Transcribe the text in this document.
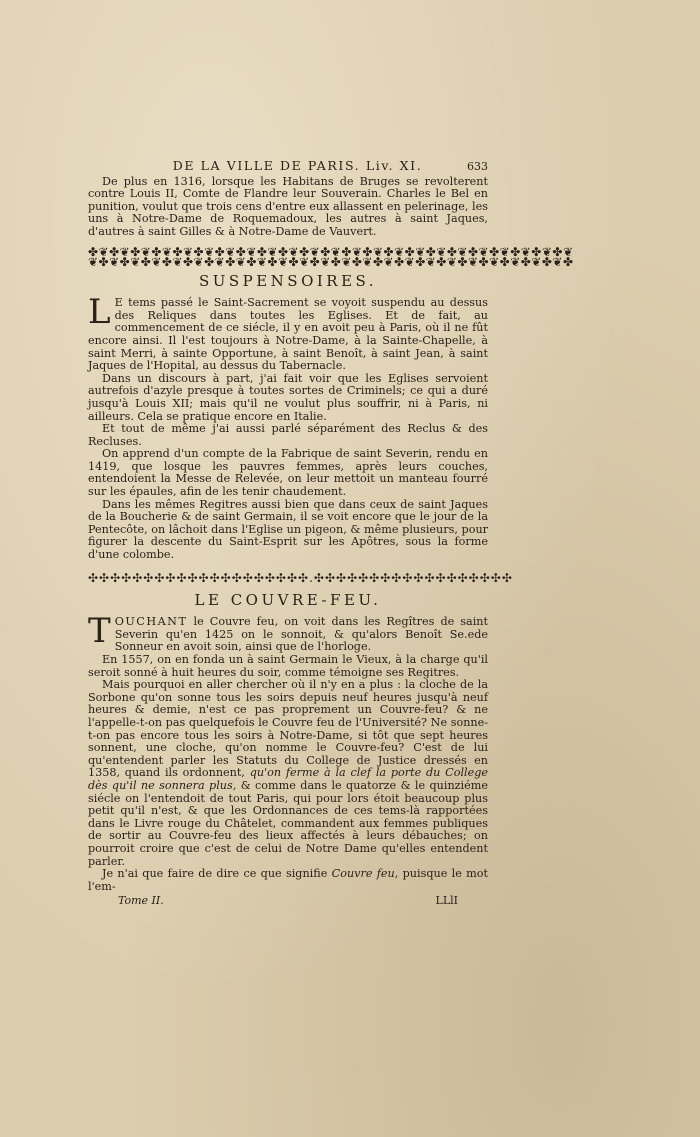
DE LA VILLE DE PARIS. Liv. XI.	633

De plus en 1316, lorsque les Habitans de Bruges se revolterent contre Louis II, Comte de Flandre leur Souverain. Charles le Bel en punition, voulut que trois cens d'entre eux allassent en pelerinage, les uns à Notre-Dame de Roquemadoux, les autres à saint Jaques, d'autres à saint Gilles & à Notre-Dame de Vauvert.

✤❦✤❦✤❦✤❦✤❦✤❦✤❦✤❦✤❦✤❦✤❦✤❦✤❦✤❦✤❦✤❦✤❦✤❦✤❦✤❦✤❦✤❦✤❦
❦✤❦✤❦✤❦✤❦✤❦✤❦✤❦✤❦✤❦✤❦✤❦✤❦✤❦✤❦✤❦✤❦✤❦✤❦✤❦✤❦✤❦✤❦✤
SUSPENSOIRES.

L E tems passé le Saint-Sacrement se voyoit suspendu au dessus des Reliques dans toutes les Eglises. Et de fait, au commencement de ce siécle, il y en avoit peu à Paris, où il ne fût encore ainsi. Il l'est toujours à Notre-Dame, à la Sainte-Chapelle, à saint Merri, à sainte Opportune, à saint Benoît, à saint Jean, à saint Jaques de l'Hopital, au dessus du Tabernacle.

Dans un discours à part, j'ai fait voir que les Eglises servoient autrefois d'azyle presque à toutes sortes de Criminels; ce qui a duré jusqu'à Louis XII; mais qu'il ne voulut plus souffrir, ni à Paris, ni ailleurs. Cela se pratique encore en Italie.

Et tout de même j'ai aussi parlé séparément des Reclus & des Recluses.

On apprend d'un compte de la Fabrique de saint Severin, rendu en 1419, que losque les pauvres femmes, après leurs couches, entendoient la Messe de Relevée, on leur mettoit un manteau fourré sur les épaules, afin de les tenir chaudement.

Dans les mêmes Regitres aussi bien que dans ceux de saint Jaques de la Boucherie & de saint Germain, il se voit encore que le jour de la Pentecôte, on lâchoit dans l'Eglise un pigeon, & même plusieurs, pour figurer la descente du Saint-Esprit sur les Apôtres, sous la forme d'une colombe.

✣✣✣✣✣✣✣✣✣✣✣✣✣✣✣✣✣✣✣✣.✣✣✣✣✣✣✣✣✣✣✣✣✣✣✣✣✣✣
LE COUVRE-FEU.

TOUCHANT le Couvre feu, on voit dans les Regîtres de saint Severin qu'en 1425 on le sonnoit, & qu'alors Benoît Se.ede Sonneur en avoit soin, ainsi que de l'horloge.

En 1557, on en fonda un à saint Germain le Vieux, à la charge qu'il seroit sonné à huit heures du soir, comme témoigne ses Regitres.

Mais pourquoi en aller chercher où il n'y en a plus : la cloche de la Sorbone qu'on sonne tous les soirs depuis neuf heures jusqu'à neuf heures & demie, n'est ce pas proprement un Couvre-feu? & ne l'appelle-t-on pas quelquefois le Couvre feu de l'Université? Ne sonne-t-on pas encore tous les soirs à Notre-Dame, si tôt que sept heures sonnent, une cloche, qu'on nomme le Couvre-feu? C'est de lui qu'entendent parler les Statuts du College de Justice dressés en 1358, quand ils ordonnent, qu'on ferme à la clef la porte du College dès qu'il ne sonnera plus, & comme dans le quatorze & le quinziéme siécle on l'entendoit de tout Paris, qui pour lors étoit beaucoup plus petit qu'il n'est, & que les Ordonnances de ces tems-là rapportées dans le Livre rouge du Châtelet, commandent aux femmes publiques de sortir au Couvre-feu des lieux affectés à leurs débauches; on pourroit croire que c'est de celui de Notre Dame qu'elles entendent parler.

Je n'ai que faire de dire ce que signifie Couvre feu, puisque le mot l'em-

Tome II.	LLlI
